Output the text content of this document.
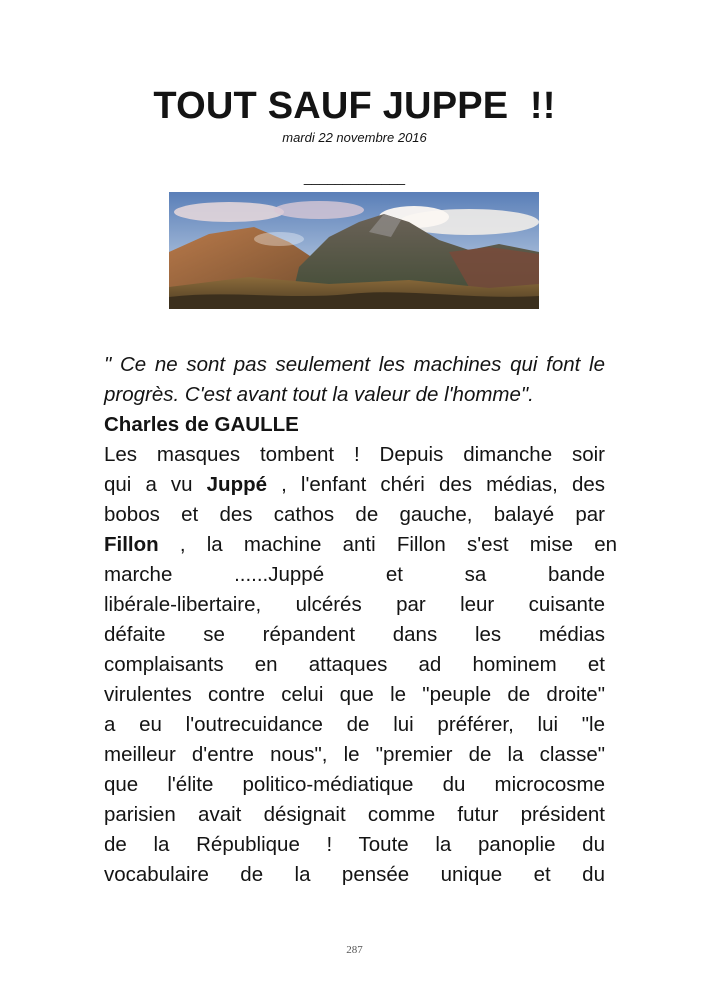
TOUT SAUF JUPPE  !!
mardi 22 novembre 2016
_____________

" Ce ne sont pas seulement les machines qui font le progrès. C'est avant tout la valeur de l'homme".

Charles de GAULLE

Les masques tombent ! Depuis dimanche soir
qui a vu Juppé , l'enfant chéri des médias, des
bobos et des cathos de gauche, balayé par
Fillon , la machine anti Fillon s'est mise en
marche ......Juppé et sa bande
libérale-libertaire, ulcérés par leur cuisante
défaite se répandent dans les médias
complaisants en attaques ad hominem et
virulentes contre celui que le "peuple de droite"
a eu l'outrecuidance de lui préférer, lui "le
meilleur d'entre nous", le "premier de la classe"
que l'élite politico-médiatique du microcosme
parisien avait désignait comme futur président
de la République ! Toute la panoplie du
vocabulaire de la pensée unique et du
287
